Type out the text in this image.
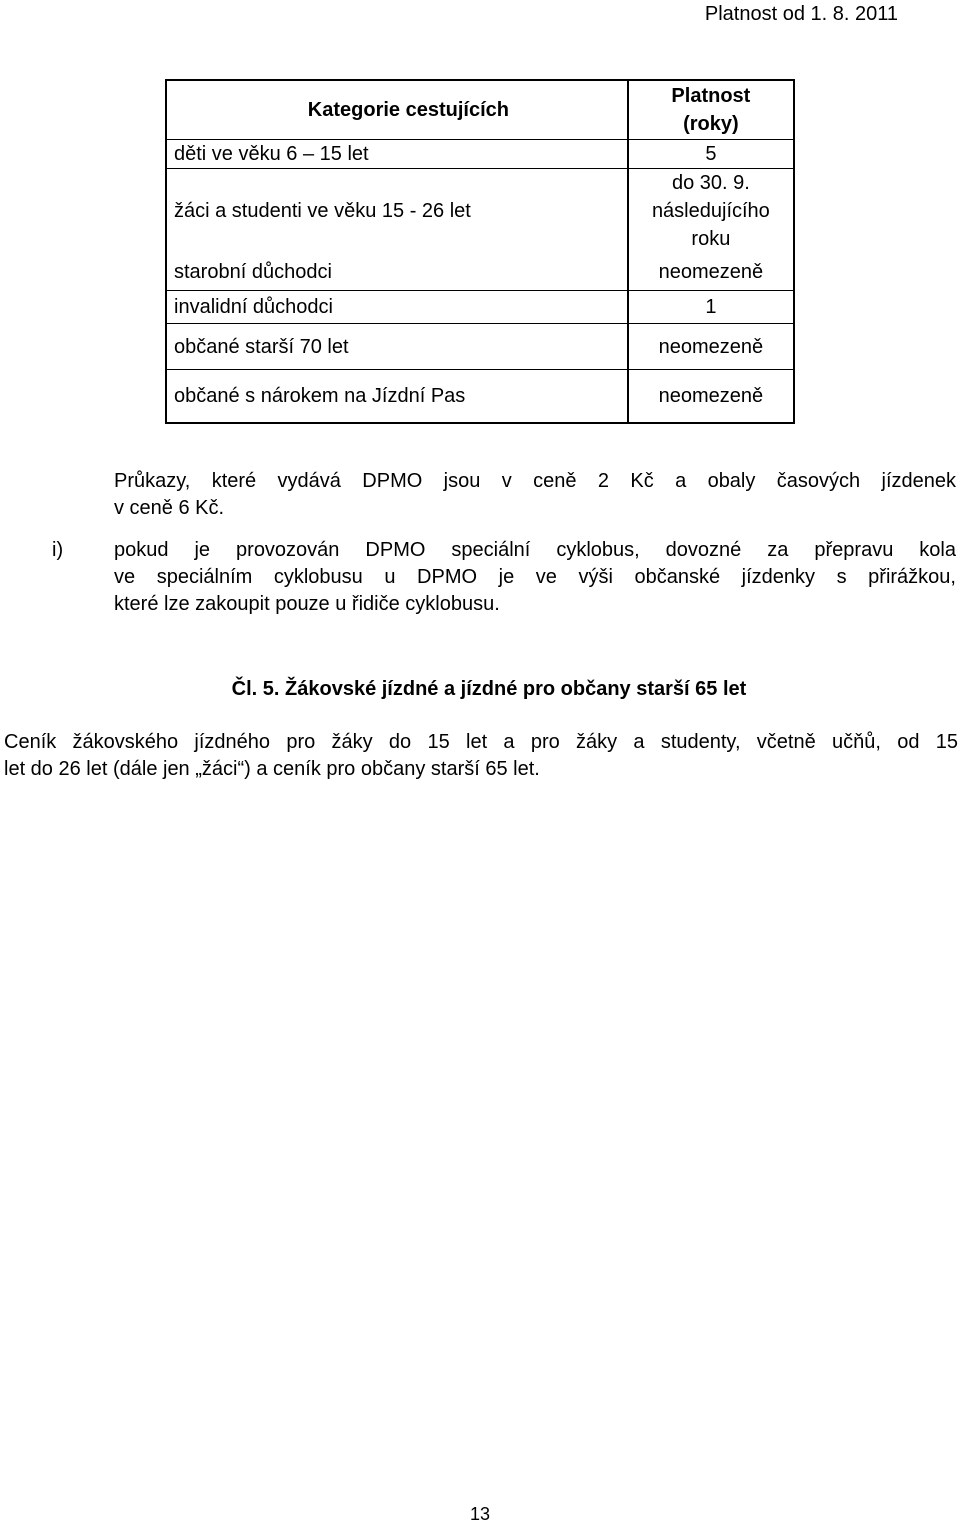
Platnost od 1. 8. 2011
Kategorie cestujících	Platnost
(roky)
děti ve věku 6 – 15 let	5
žáci a studenti ve věku 15 - 26 let	do 30. 9.
následujícího
roku
starobní důchodci	neomezeně
invalidní důchodci	1
občané starší 70 let	neomezeně
občané s nárokem na Jízdní Pas	neomezeně
Průkazy, které vydává DPMO jsou v ceně 2 Kč a obaly časových jízdenek
v ceně 6 Kč.
i)	pokud je provozován DPMO speciální cyklobus, dovozné za přepravu kola
ve speciálním cyklobusu u DPMO je ve výši občanské jízdenky s přirážkou,
které lze zakoupit pouze u řidiče cyklobusu.
Čl. 5. Žákovské jízdné a jízdné pro občany starší 65 let
Ceník žákovského jízdného pro žáky do 15 let a pro žáky a studenty, včetně učňů, od 15
let do 26 let (dále jen „žáci“) a ceník pro občany starší 65 let.
13
